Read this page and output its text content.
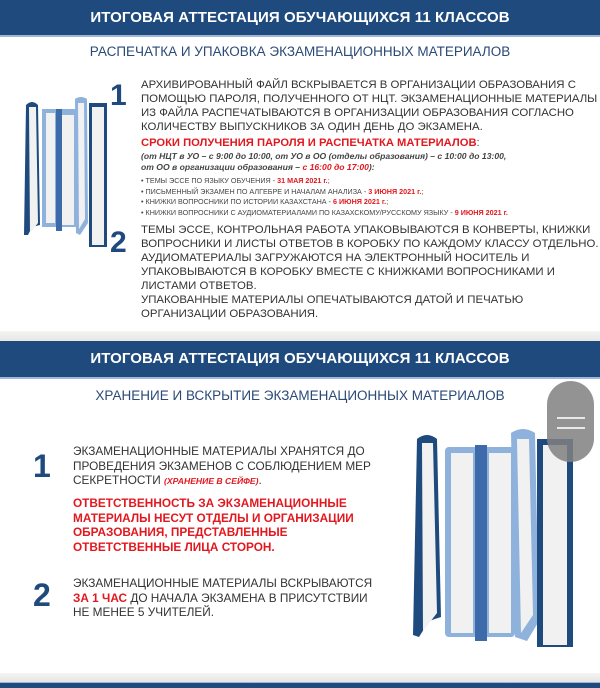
ИТОГОВАЯ АТТЕСТАЦИЯ ОБУЧАЮЩИХСЯ 11 КЛАССОВ
РАСПЕЧАТКА И УПАКОВКА ЭКЗАМЕНАЦИОННЫХ МАТЕРИАЛОВ
1 АРХИВИРОВАННЫЙ ФАЙЛ ВСКРЫВАЕТСЯ В ОРГАНИЗАЦИИ ОБРАЗОВАНИЯ С
ПОМОЩЬЮ ПАРОЛЯ, ПОЛУЧЕННОГО ОТ НЦТ. ЭКЗАМЕНАЦИОННЫЕ МАТЕРИАЛЫ
ИЗ ФАЙЛА РАСПЕЧАТЫВАЮТСЯ В ОРГАНИЗАЦИИ ОБРАЗОВАНИЯ СОГЛАСНО
КОЛИЧЕСТВУ ВЫПУСКНИКОВ ЗА ОДИН ДЕНЬ ДО ЭКЗАМЕНА.
СРОКИ ПОЛУЧЕНИЯ ПАРОЛЯ И РАСПЕЧАТКА МАТЕРИАЛОВ:
(от НЦТ в УО – с 9:00 до 10:00, от УО в ОО (отделы образования) – с 10:00 до 13:00,
от ОО в организации образования – с 16:00 до 17:00):
• ТЕМЫ ЭССЕ ПО ЯЗЫКУ ОБУЧЕНИЯ - 31 МАЯ 2021 г.;
• ПИСЬМЕННЫЙ ЭКЗАМЕН ПО АЛГЕБРЕ И НАЧАЛАМ АНАЛИЗА - 3 ИЮНЯ 2021 г.;
• КНИЖКИ ВОПРОСНИКИ ПО ИСТОРИИ КАЗАХСТАНА - 6 ИЮНЯ 2021 г.;
• КНИЖКИ ВОПРОСНИКИ С АУДИОМАТЕРИАЛАМИ ПО КАЗАХСКОМУ/РУССКОМУ ЯЗЫКУ - 9 ИЮНЯ 2021 г.
2 ТЕМЫ ЭССЕ, КОНТРОЛЬНАЯ РАБОТА УПАКОВЫВАЮТСЯ В КОНВЕРТЫ, КНИЖКИ
ВОПРОСНИКИ И ЛИСТЫ ОТВЕТОВ В КОРОБКУ ПО КАЖДОМУ КЛАССУ ОТДЕЛЬНО.
АУДИОМАТЕРИАЛЫ ЗАГРУЖАЮТСЯ НА ЭЛЕКТРОННЫЙ НОСИТЕЛЬ И
УПАКОВЫВАЮТСЯ В КОРОБКУ ВМЕСТЕ С КНИЖКАМИ ВОПРОСНИКАМИ И
ЛИСТАМИ ОТВЕТОВ.
УПАКОВАННЫЕ МАТЕРИАЛЫ ОПЕЧАТЫВАЮТСЯ ДАТОЙ И ПЕЧАТЬЮ
ОРГАНИЗАЦИИ ОБРАЗОВАНИЯ.
ИТОГОВАЯ АТТЕСТАЦИЯ ОБУЧАЮЩИХСЯ 11 КЛАССОВ
ХРАНЕНИЕ И ВСКРЫТИЕ ЭКЗАМЕНАЦИОННЫХ МАТЕРИАЛОВ
1 ЭКЗАМЕНАЦИОННЫЕ МАТЕРИАЛЫ ХРАНЯТСЯ ДО
ПРОВЕДЕНИЯ ЭКЗАМЕНОВ С СОБЛЮДЕНИЕМ МЕР
СЕКРЕТНОСТИ (ХРАНЕНИЕ В СЕЙФЕ).
ОТВЕТСТВЕННОСТЬ ЗА ЭКЗАМЕНАЦИОННЫЕ
МАТЕРИАЛЫ НЕСУТ ОТДЕЛЫ И ОРГАНИЗАЦИИ
ОБРАЗОВАНИЯ, ПРЕДСТАВЛЕННЫЕ
ОТВЕТСТВЕННЫЕ ЛИЦА СТОРОН.
2 ЭКЗАМЕНАЦИОННЫЕ МАТЕРИАЛЫ ВСКРЫВАЮТСЯ
ЗА 1 ЧАС ДО НАЧАЛА ЭКЗАМЕНА В ПРИСУТСТВИИ
НЕ МЕНЕЕ 5 УЧИТЕЛЕЙ.
